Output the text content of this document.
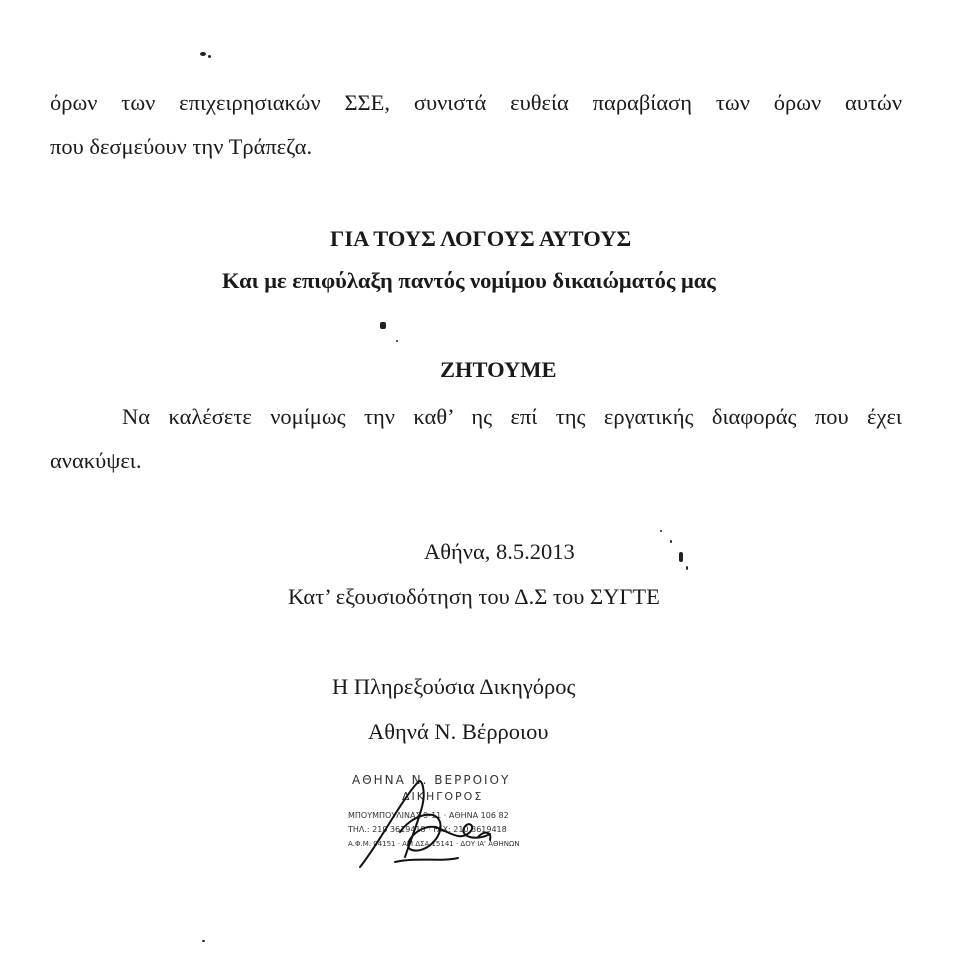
όρων των επιχειρησιακών ΣΣΕ, συνιστά ευθεία παραβίαση των όρων αυτών
που δεσμεύουν την Τράπεζα.
ΓΙΑ ΤΟΥΣ ΛΟΓΟΥΣ ΑΥΤΟΥΣ
Και με επιφύλαξη παντός νομίμου δικαιώματός μας
ΖΗΤΟΥΜΕ
Να καλέσετε νομίμως την καθ’ ης επί της εργατικής διαφοράς που έχει
ανακύψει.
Αθήνα, 8.5.2013
Κατ’ εξουσιοδότηση του Δ.Σ του ΣΥΓΤΕ
Η Πληρεξούσια Δικηγόρος
Αθηνά Ν. Βέρροιου
ΑΘΗΝΑ Ν. ΒΕΡΡΟΙΟΥ
ΔΙΚΗΓΟΡΟΣ
ΜΠΟΥΜΠΟΥΛΙΝΑΣ 9-11 · ΑΘΗΝΑ 106 82
ΤΗΛ.: 210 3619418 · FAX: 210 3619418
Α.Φ.Μ. 04151 · ΑΜ ΔΣΑ 15141 · ΔΟΥ ΙΑ' ΑΘΗΝΩΝ
